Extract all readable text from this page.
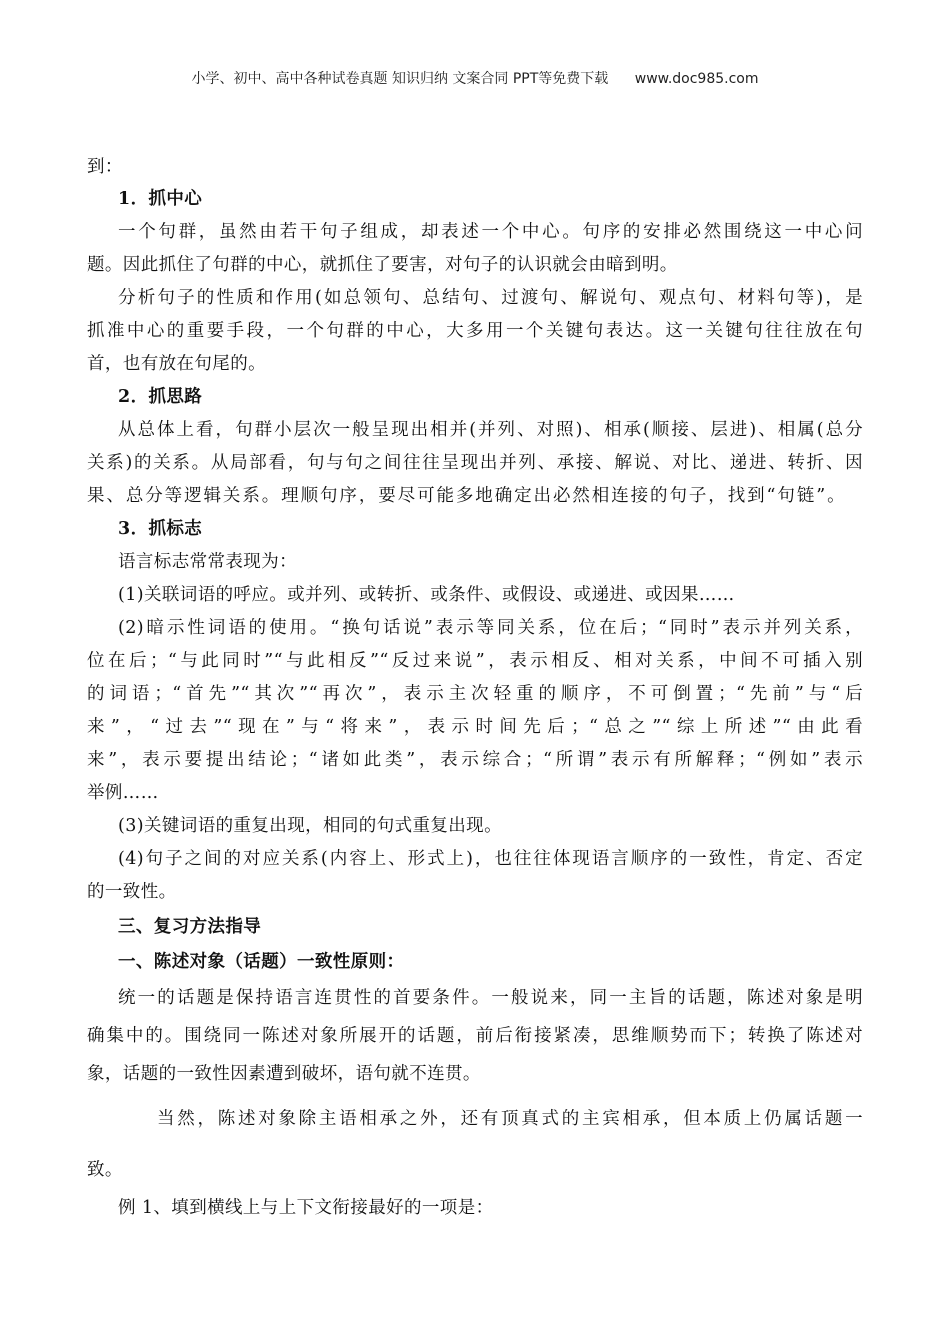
小学、初中、高中各种试卷真题 知识归纳 文案合同 PPT等免费下载 www.doc985.com
到：
1．抓中心
一个句群，虽然由若干句子组成，却表述一个中心。句序的安排必然围绕这一中心问
题。因此抓住了句群的中心，就抓住了要害，对句子的认识就会由暗到明。
分析句子的性质和作用(如总领句、总结句、过渡句、解说句、观点句、材料句等)，是
抓准中心的重要手段，一个句群的中心，大多用一个关键句表达。这一关键句往往放在句
首，也有放在句尾的。
2．抓思路
从总体上看，句群小层次一般呈现出相并(并列、对照)、相承(顺接、层进)、相属(总分
关系)的关系。从局部看，句与句之间往往呈现出并列、承接、解说、对比、递进、转折、因
果、总分等逻辑关系。理顺句序，要尽可能多地确定出必然相连接的句子，找到“句链”。
3．抓标志
语言标志常常表现为：
(1)关联词语的呼应。或并列、或转折、或条件、或假设、或递进、或因果……
(2)暗示性词语的使用。“换句话说”表示等同关系，位在后；“同时”表示并列关系，
位在后；“与此同时”“与此相反”“反过来说”，表示相反、相对关系，中间不可插入别
的词语；“首先”“其次”“再次”，表示主次轻重的顺序，不可倒置；“先前”与“后
来”，“过去”“现在”与“将来”，表示时间先后；“总之”“综上所述”“由此看
来”，表示要提出结论；“诸如此类”，表示综合；“所谓”表示有所解释；“例如”表示
举例……
(3)关键词语的重复出现，相同的句式重复出现。
(4)句子之间的对应关系(内容上、形式上)，也往往体现语言顺序的一致性，肯定、否定
的一致性。
三、复习方法指导
一、陈述对象（话题）一致性原则：
统一的话题是保持语言连贯性的首要条件。一般说来，同一主旨的话题，陈述对象是明
确集中的。围绕同一陈述对象所展开的话题，前后衔接紧凑，思维顺势而下；转换了陈述对
象，话题的一致性因素遭到破坏，语句就不连贯。
当然，陈述对象除主语相承之外，还有顶真式的主宾相承，但本质上仍属话题一
致。
例 1、填到横线上与上下文衔接最好的一项是：
